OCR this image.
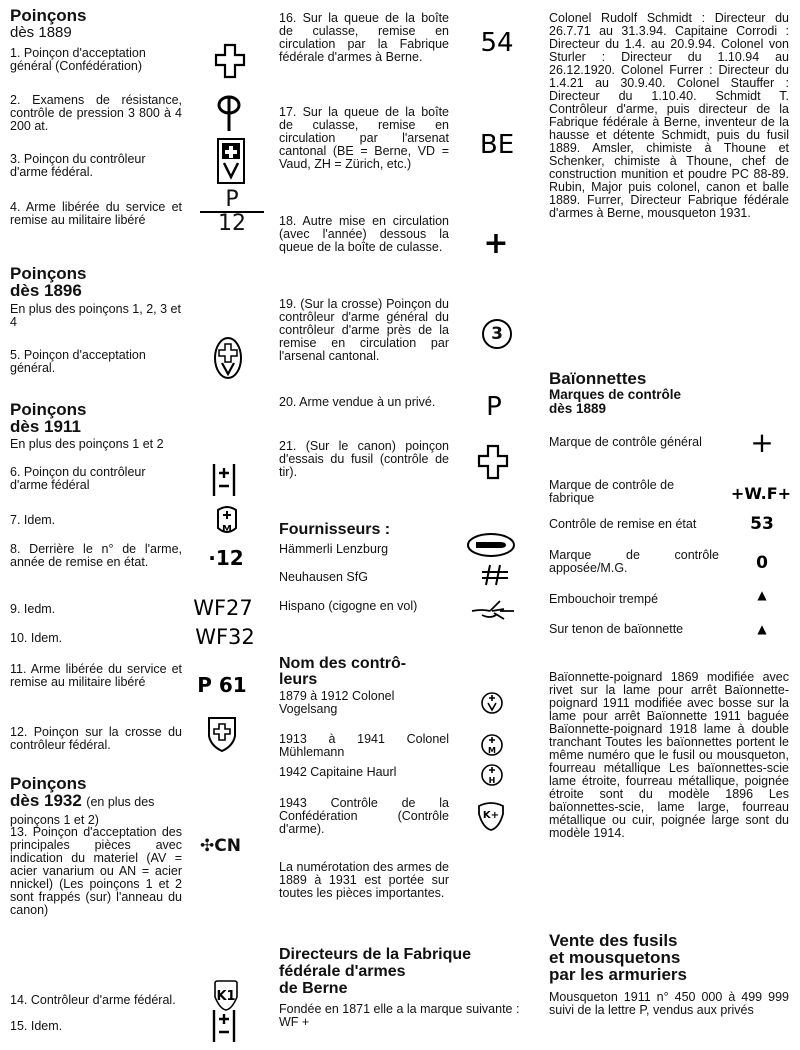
Poinçons
dès 1889
1. Poinçon d'acceptation général (Confédération)
2. Examens de résistance, contrôle de pression 3 800 à 4 200 at.
3. Poinçon du contrôleur d'arme fédéral.
4. Arme libérée du service et remise au militaire libéré
Poinçons
dès 1896
En plus des poinçons 1, 2, 3 et 4
5. Poinçon d'acceptation général.
Poinçons
dès 1911
En plus des poinçons 1 et 2
6. Poinçon du contrôleur d'arme fédéral
7. Idem.
8. Derrière le n° de l'arme, année de remise en état.
9. Iedm.
10. Idem.
11. Arme libérée du service et remise au militaire libéré
12. Poinçon sur la crosse du contrôleur fédéral.
Poinçons
dès 1932 (en plus des poinçons 1 et 2)
13. Poinçon d'acceptation des principales pièces avec indication du materiel (AV = acier vanarium ou AN = acier nnickel) (Les poinçons 1 et 2 sont frappés (sur) l'anneau du canon)
14. Contrôleur d'arme fédéral.
15. Idem.
P
12
M
·12
WF27
WF32
P 61
✣CN
K1
16. Sur la queue de la boîte de culasse, remise en circulation par la Fabrique fédérale d'armes à Berne.
17. Sur la queue de la boîte de culasse, remise en circulation par l'arsenat cantonal (BE = Berne, VD = Vaud, ZH = Zürich, etc.)
18. Autre mise en circulation (avec l'année) dessous la queue de la boîte de culasse.
19. (Sur la crosse) Poinçon du contrôleur d'arme général du contrôleur d'arme près de la remise en circulation par l'arsenal cantonal.
20. Arme vendue à un privé.
21. (Sur le canon) poinçon d'essais du fusil (contrôle de tir).
54
BE
+
3
P
Fournisseurs :
Hämmerli Lenzburg
Neuhausen SfG
Hispano (cigogne en vol)
Nom des contrô-
leurs
1879 à 1912 Colonel Vogelsang
1913 à 1941 Colonel Mühlemann
1942 Capitaine Haurl
1943 Contrôle de la Confédération (Contrôle d'arme).
M
H
K+
La numérotation des armes de 1889 à 1931 est portée sur toutes les pièces importantes.
Directeurs de la Fabrique
fédérale d'armes
de Berne
Fondée en 1871 elle a la marque suivante : WF +
Colonel Rudolf Schmidt : Directeur du 26.7.71 au 31.3.94. Capitaine Corrodi : Directeur du 1.4. au 20.9.94. Colonel von Sturler : Directeur du 1.10.94 au 26.12.1920. Colonel Furrer : Directeur du 1.4.21 au 30.9.40. Colonel Stauffer : Directeur du 1.10.40. Schmidt T. Contrôleur d'arme, puis directeur de la Fabrique fédérale à Berne, inventeur de la hausse et détente Schmidt, puis du fusil 1889. Amsler, chimiste à Thoune et Schenker, chimiste à Thoune, chef de construction munition et poudre PC 88-89. Rubin, Major puis colonel, canon et balle 1889. Furrer, Directeur Fabrique fédérale d'armes à Berne, mousqueton 1931.
Baïonnettes
Marques de contrôle
dès 1889
Marque de contrôle général
Marque de contrôle de fabrique
Contrôle de remise en état
Marque de contrôle apposée/M.G.
Embouchoir trempé
Sur tenon de baïonnette
+
+W.F+
53
0
▲
▲
Baïonnette-poignard 1869 modifiée avec rivet sur la lame pour arrêt Baïonnette-poignard 1911 modifiée avec bosse sur la lame pour arrêt Baïonnette 1911 baguée Baïonnette-poignard 1918 lame à double tranchant Toutes les baïonnettes portent le même numéro que le fusil ou mousqueton, fourreau métallique Les baïonnettes-scie lame étroite, fourreau métallique, poignée étroite sont du modèle 1896 Les baïonnettes-scie, lame large, fourreau métallique ou cuir, poignée large sont du modèle 1914.
Vente des fusils
et mousquetons
par les armuriers
Mousqueton 1911 n° 450 000 à 499 999 suivi de la lettre P, vendus aux privés
